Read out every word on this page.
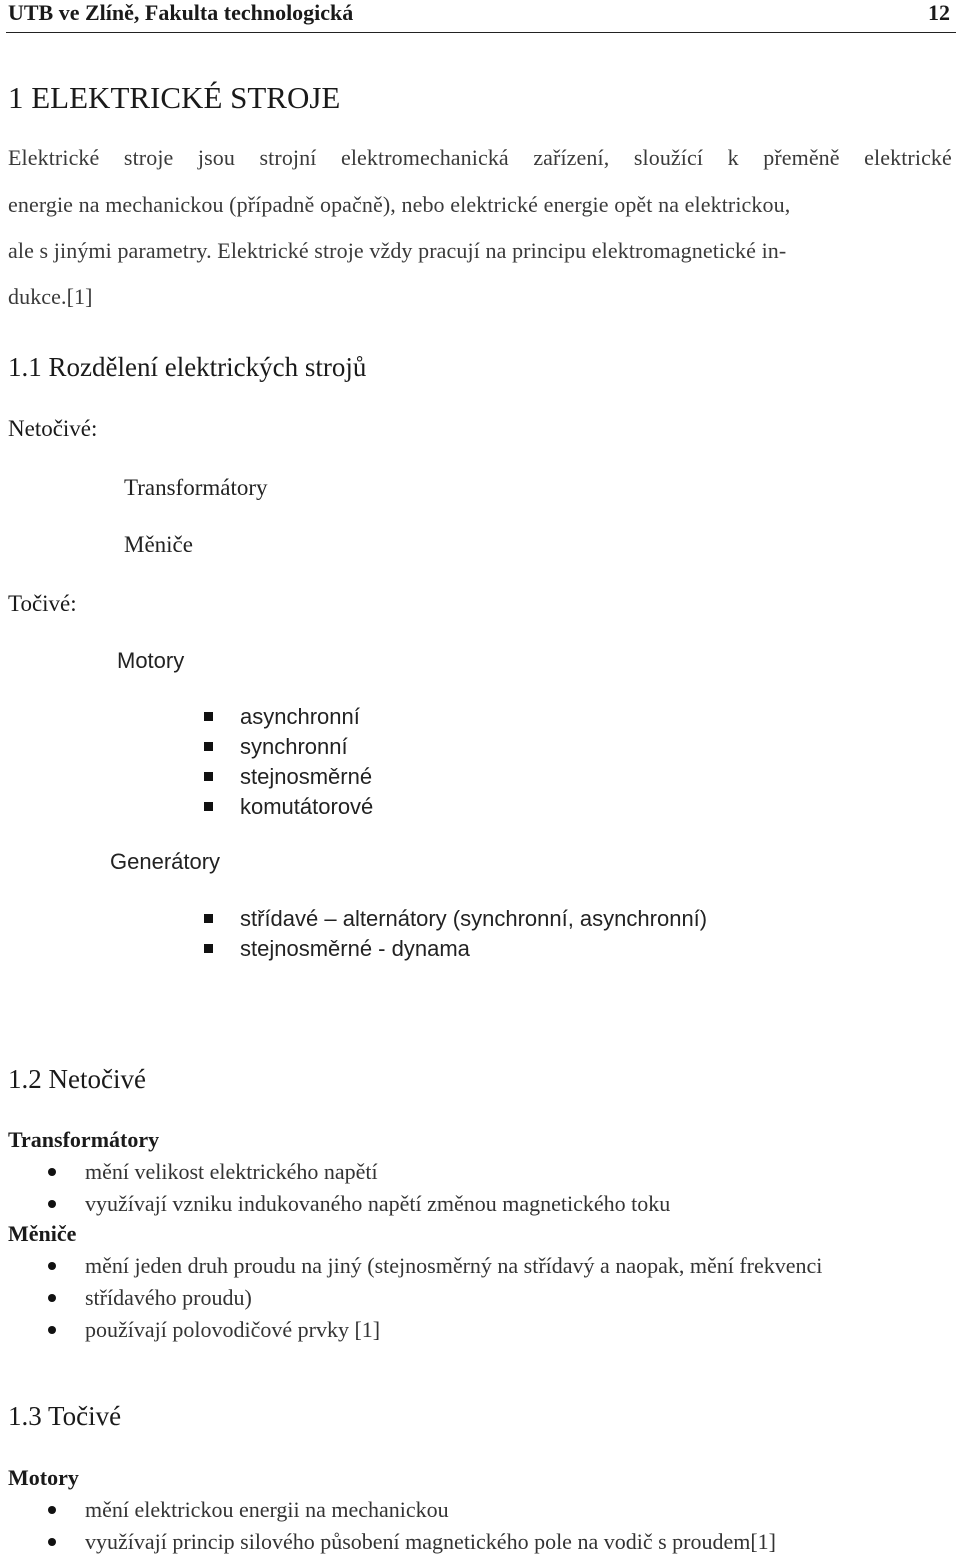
UTB ve Zlíně, Fakulta technologická	12
1 ELEKTRICKÉ STROJE
Elektrické stroje jsou strojní elektromechanická zařízení, sloužící k přeměně elektrické
energie na mechanickou (případně opačně), nebo elektrické energie opět na elektrickou,
ale s jinými parametry. Elektrické stroje vždy pracují na principu elektromagnetické in-
dukce.[1]
1.1 Rozdělení elektrických strojů
Netočivé:
Transformátory
Měniče
Točivé:
Motory
asynchronní
synchronní
stejnosměrné
komutátorové
Generátory
střídavé – alternátory (synchronní, asynchronní)
stejnosměrné - dynama
1.2 Netočivé
Transformátory
mění velikost elektrického napětí
využívají vzniku indukovaného napětí změnou magnetického toku
Měniče
mění jeden druh proudu na jiný (stejnosměrný na střídavý a naopak, mění frekvenci
střídavého proudu)
používají polovodičové prvky [1]
1.3 Točivé
Motory
mění elektrickou energii na mechanickou
využívají princip silového působení magnetického pole na vodič s proudem[1]
